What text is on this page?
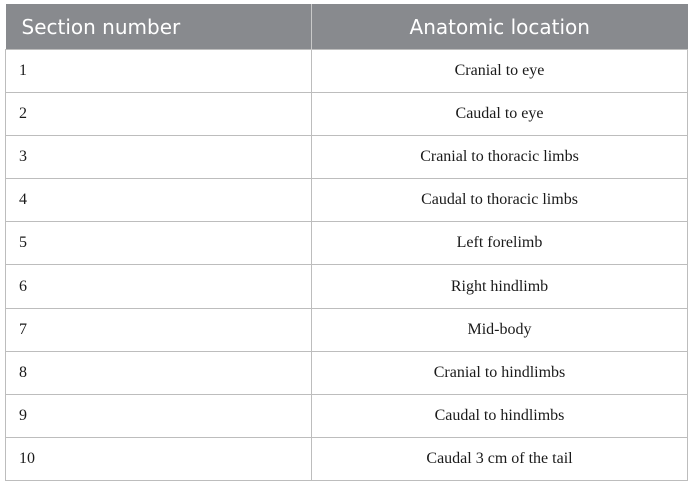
Section number	Anatomic location
1	Cranial to eye
2	Caudal to eye
3	Cranial to thoracic limbs
4	Caudal to thoracic limbs
5	Left forelimb
6	Right hindlimb
7	Mid-body
8	Cranial to hindlimbs
9	Caudal to hindlimbs
10	Caudal 3 cm of the tail
